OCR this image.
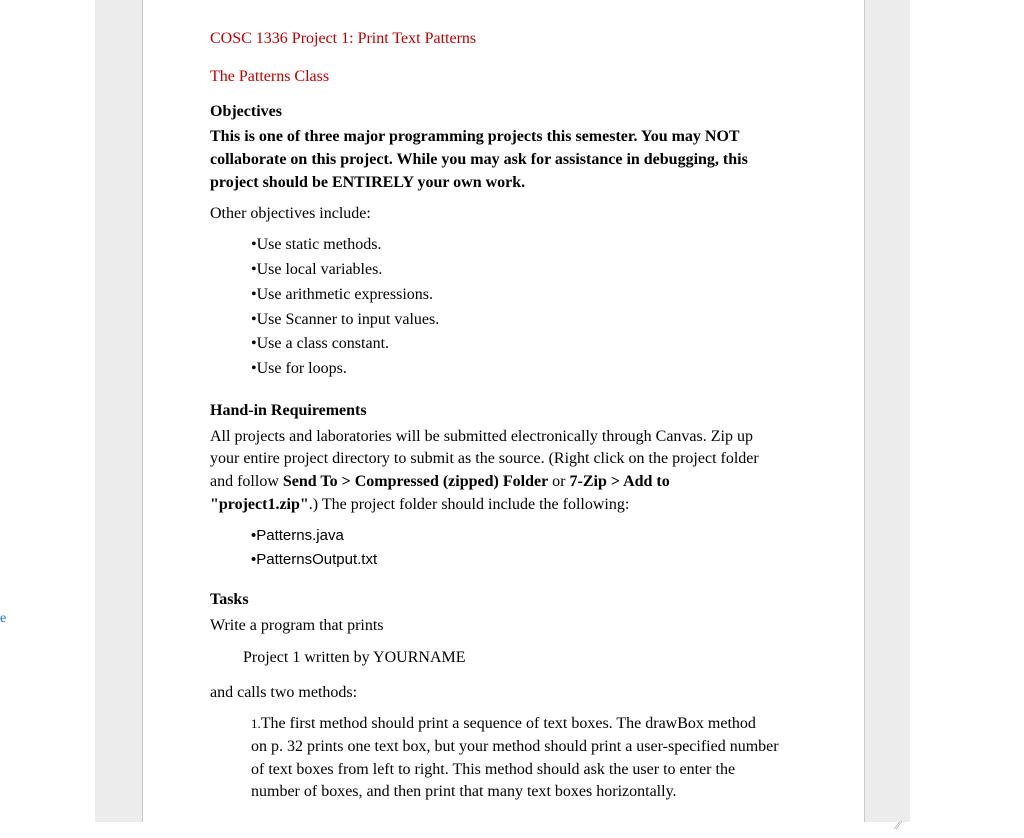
e
COSC 1336 Project 1: Print Text Patterns
The Patterns Class
Objectives
This is one of three major programming projects this semester. You may NOT
collaborate on this project. While you may ask for assistance in debugging, this
project should be ENTIRELY your own work.
Other objectives include:
•Use static methods.
•Use local variables.
•Use arithmetic expressions.
•Use Scanner to input values.
•Use a class constant.
•Use for loops.
Hand-in Requirements
All projects and laboratories will be submitted electronically through Canvas. Zip up
your entire project directory to submit as the source. (Right click on the project folder
and follow Send To > Compressed (zipped) Folder or 7-Zip > Add to
"project1.zip".) The project folder should include the following:
•Patterns.java
•PatternsOutput.txt
Tasks
Write a program that prints
Project 1 written by YOURNAME
and calls two methods:
1.The first method should print a sequence of text boxes. The drawBox method
on p. 32 prints one text box, but your method should print a user-specified number
of text boxes from left to right. This method should ask the user to enter the
number of boxes, and then print that many text boxes horizontally.
⁄⁄
